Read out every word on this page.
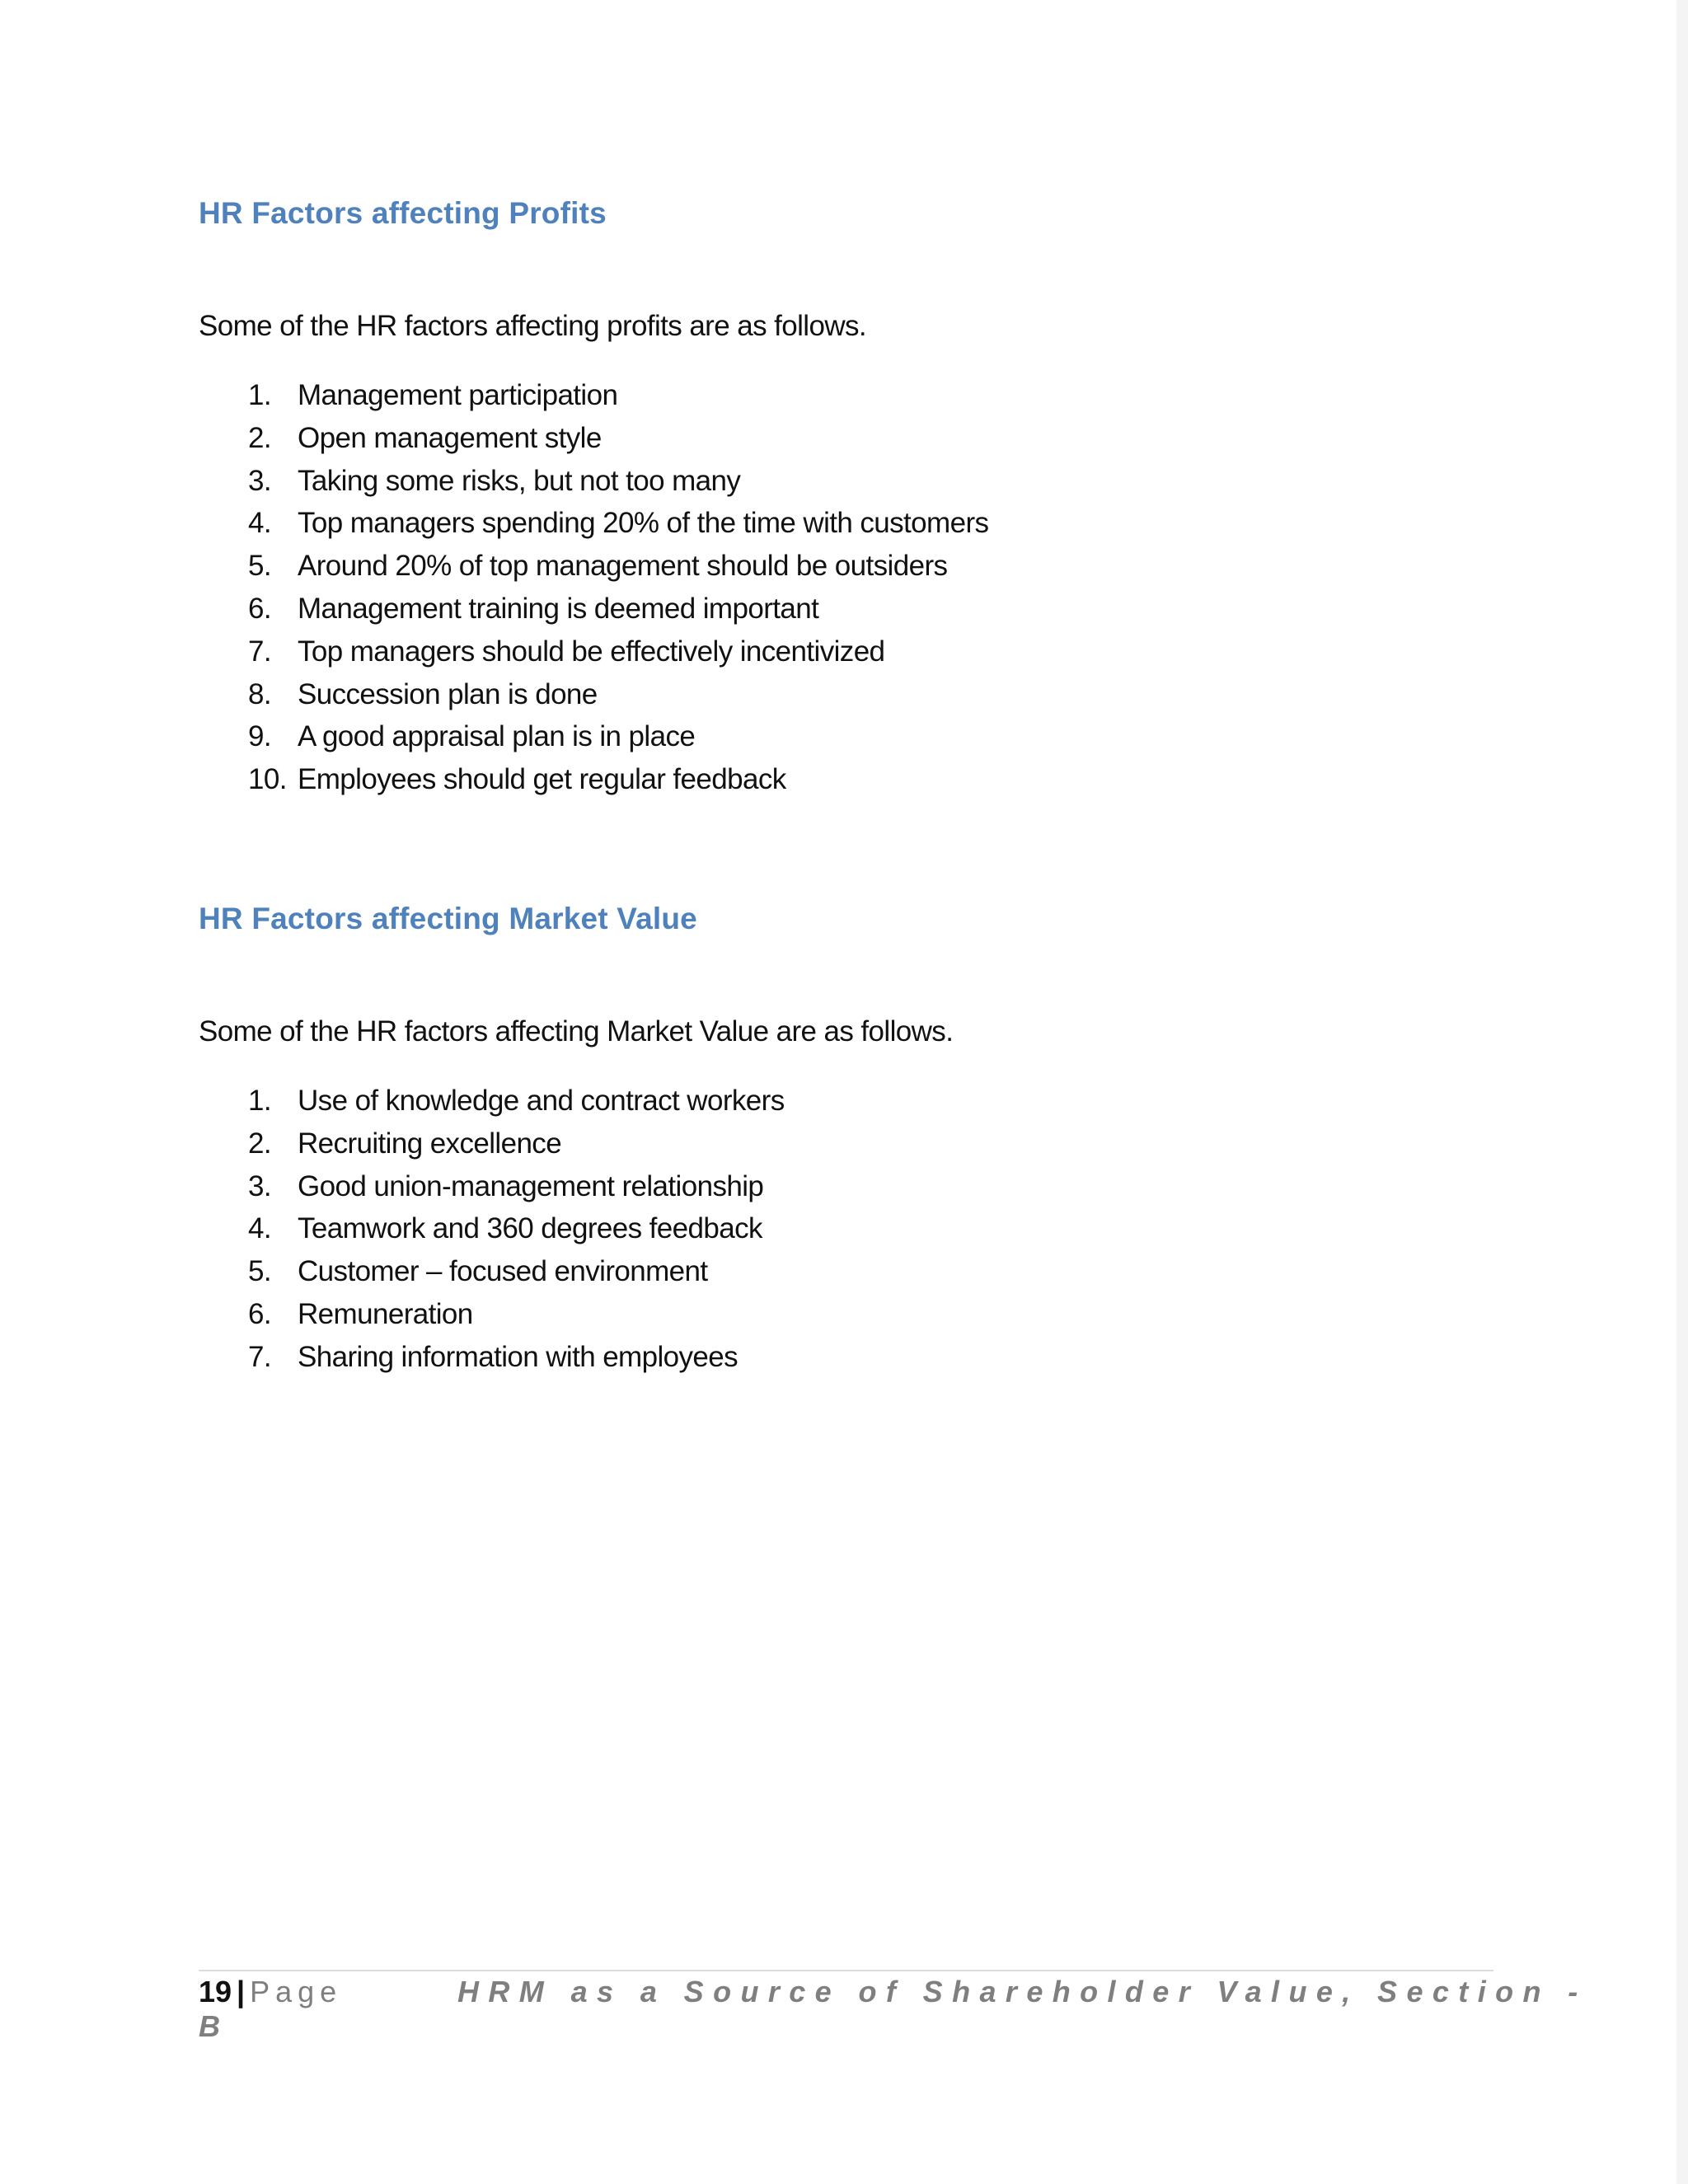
HR Factors affecting Profits
Some of the HR factors affecting profits are as follows.
1. Management participation
2. Open management style
3. Taking some risks, but not too many
4. Top managers spending 20% of the time with customers
5. Around 20% of top management should be outsiders
6. Management training is deemed important
7. Top managers should be effectively incentivized
8. Succession plan is done
9. A good appraisal plan is in place
10. Employees should get regular feedback
HR Factors affecting Market Value
Some of the HR factors affecting Market Value are as follows.
1. Use of knowledge and contract workers
2. Recruiting excellence
3. Good union-management relationship
4. Teamwork and 360 degrees feedback
5. Customer – focused environment
6. Remuneration
7. Sharing information with employees
19 | Page	HRM as a Source of Shareholder Value, Section -
B
